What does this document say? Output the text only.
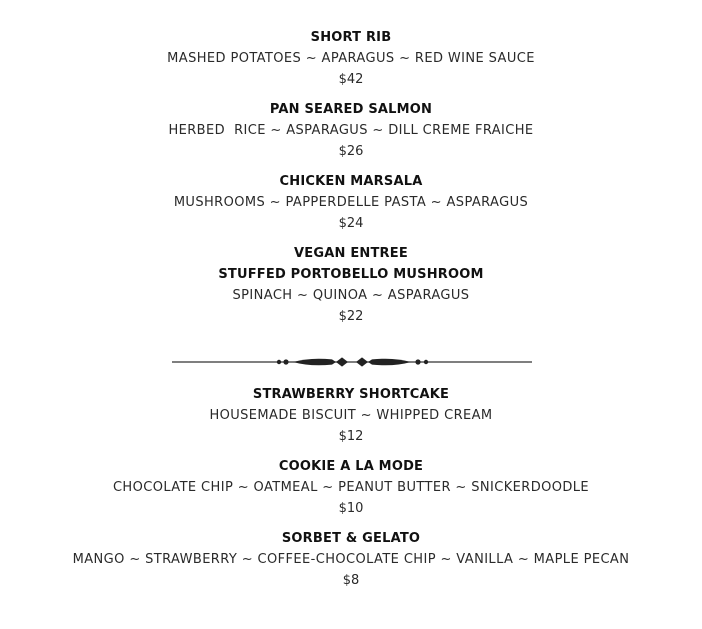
SHORT RIB
MASHED POTATOES ~ APARAGUS ~ RED WINE SAUCE
$42
PAN SEARED SALMON
HERBED  RICE ~ ASPARAGUS ~ DILL CREME FRAICHE
$26
CHICKEN MARSALA
MUSHROOMS ~ PAPPERDELLE PASTA ~ ASPARAGUS
$24
VEGAN ENTREE
STUFFED PORTOBELLO MUSHROOM
SPINACH ~ QUINOA ~ ASPARAGUS
$22
STRAWBERRY SHORTCAKE
HOUSEMADE BISCUIT ~ WHIPPED CREAM
$12
COOKIE A LA MODE
CHOCOLATE CHIP ~ OATMEAL ~ PEANUT BUTTER ~ SNICKERDOODLE
$10
SORBET & GELATO
MANGO ~ STRAWBERRY ~ COFFEE-CHOCOLATE CHIP ~ VANILLA ~ MAPLE PECAN
$8
